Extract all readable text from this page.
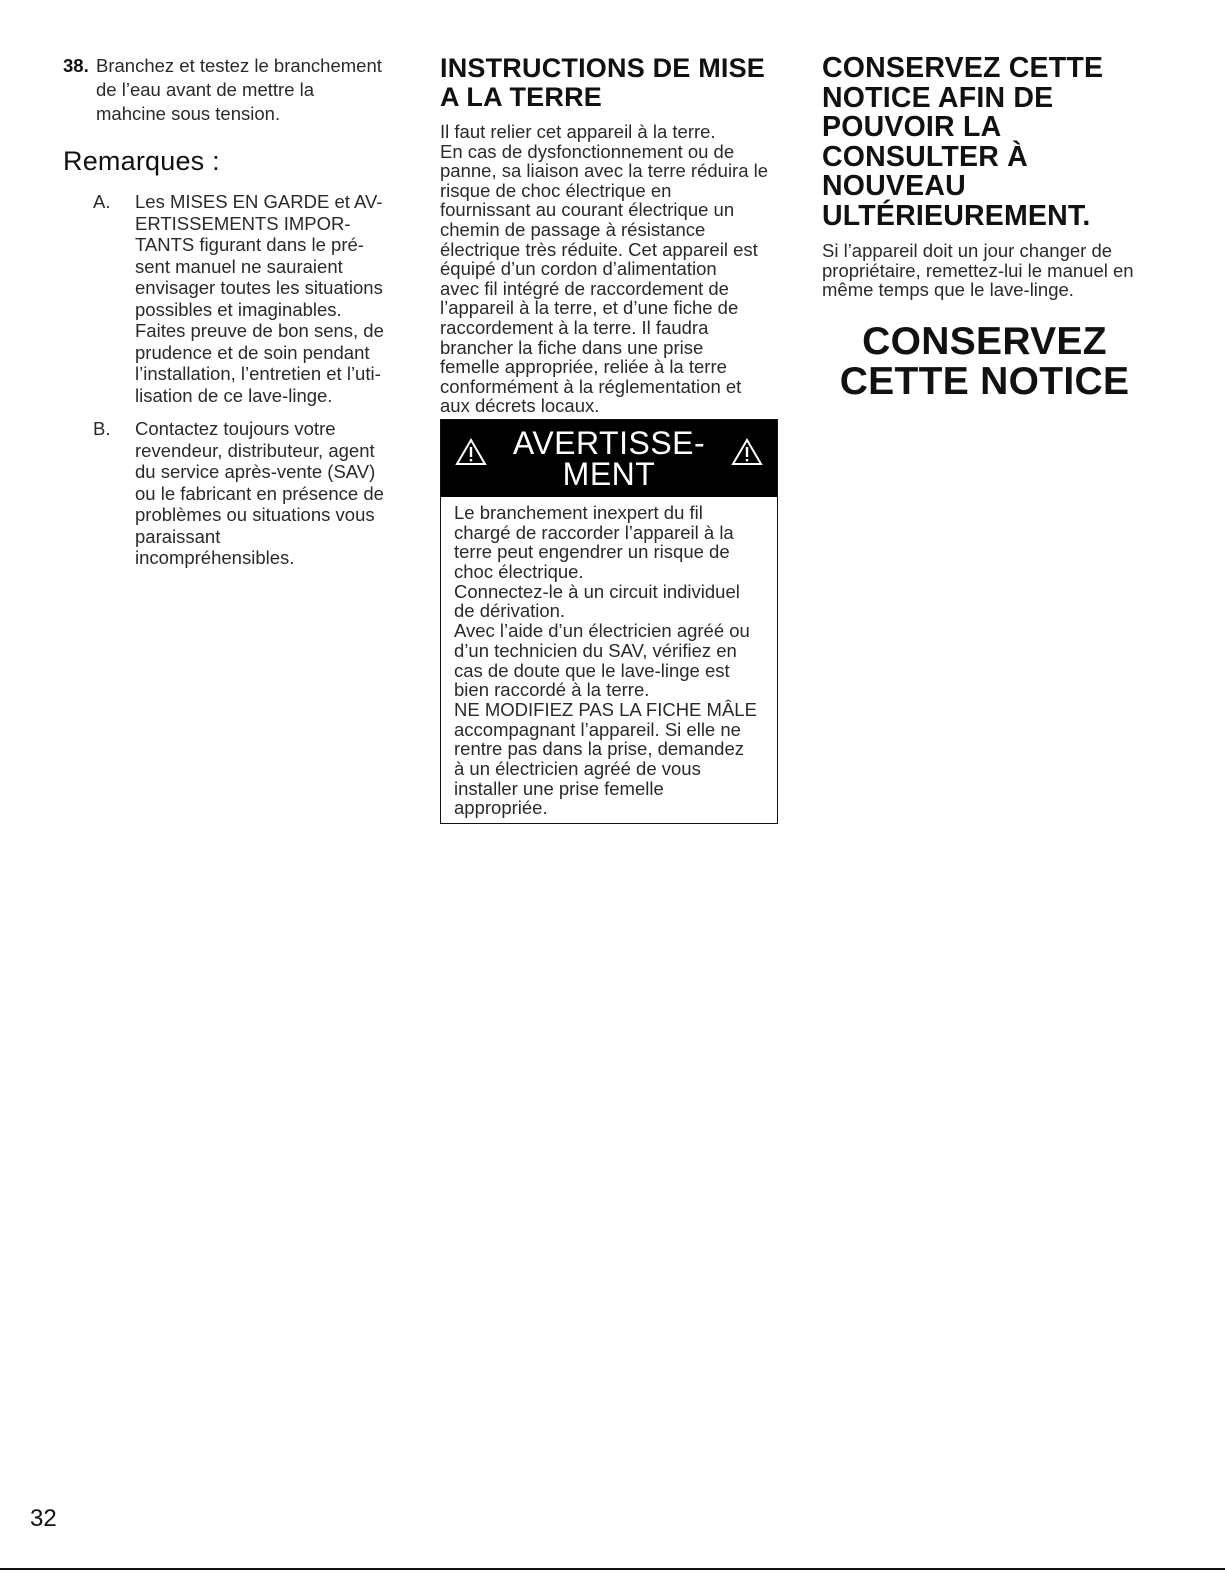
38. Branchez et testez le branchement
de l’eau avant de mettre la
mahcine sous tension.
Remarques :
A. Les MISES EN GARDE et AV-
ERTISSEMENTS IMPOR-
TANTS figurant dans le pré-
sent manuel ne sauraient
envisager toutes les situations
possibles et imaginables.
Faites preuve de bon sens, de
prudence et de soin pendant
l’installation, l’entretien et l’uti-
lisation de ce lave-linge.
B. Contactez toujours votre
revendeur, distributeur, agent
du service après-vente (SAV)
ou le fabricant en présence de
problèmes ou situations vous
paraissant
incompréhensibles.
INSTRUCTIONS DE MISE
A LA TERRE
Il faut relier cet appareil à la terre.
En cas de dysfonctionnement ou de
panne, sa liaison avec la terre réduira le
risque de choc électrique en
fournissant au courant électrique un
chemin de passage à résistance
électrique très réduite. Cet appareil est
équipé d’un cordon d’alimentation
avec fil intégré de raccordement de
l’appareil à la terre, et d’une fiche de
raccordement à la terre. Il faudra
brancher la fiche dans une prise
femelle appropriée, reliée à la terre
conformément à la réglementation et
aux décrets locaux.
AVERTISSE-
MENT

Le branchement inexpert du fil
chargé de raccorder l’appareil à la
terre peut engendrer un risque de
choc électrique.

Connectez-le à un circuit individuel
de dérivation.

Avec l’aide d’un électricien agréé ou
d’un technicien du SAV, vérifiez en
cas de doute que le lave-linge est
bien raccordé à la terre.

NE MODIFIEZ PAS LA FICHE MÂLE
accompagnant l’appareil. Si elle ne
rentre pas dans la prise, demandez
à un électricien agréé de vous
installer une prise femelle
appropriée.

CONSERVEZ CETTE
NOTICE AFIN DE
POUVOIR LA
CONSULTER À NOUVEAU
ULTÉRIEUREMENT.
Si l’appareil doit un jour changer de
propriétaire, remettez-lui le manuel en
même temps que le lave-linge.
CONSERVEZ
CETTE NOTICE
32
